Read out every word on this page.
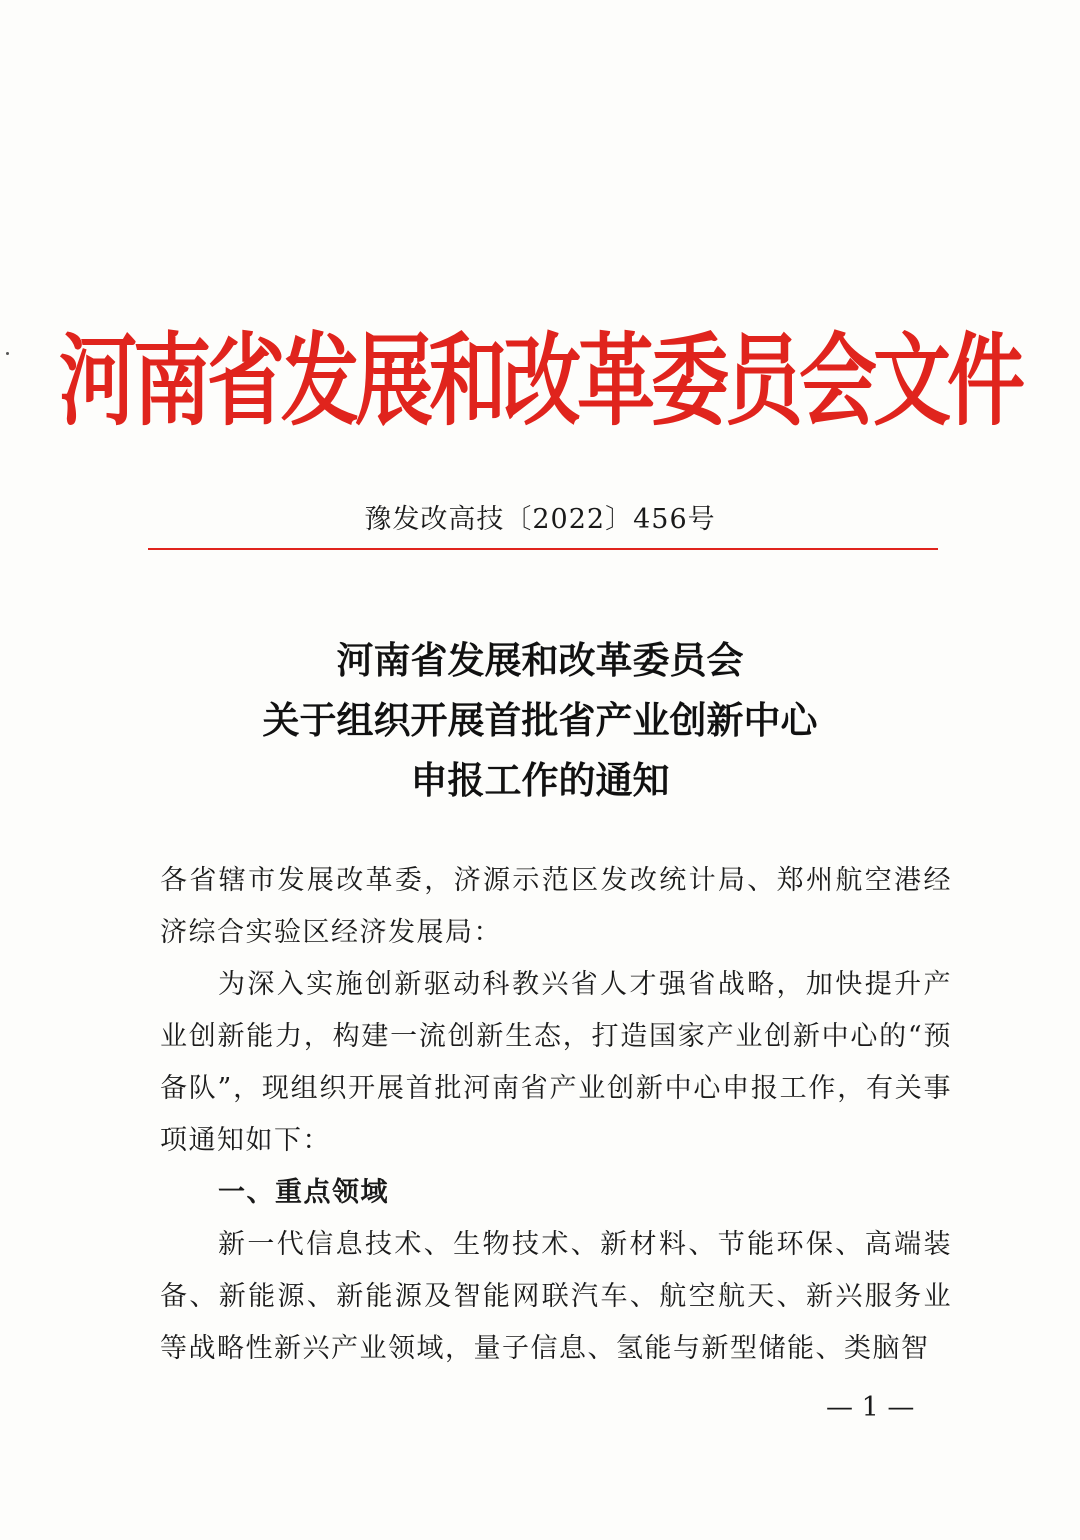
河南省发展和改革委员会文件
豫发改高技〔2022〕456号
河南省发展和改革委员会
关于组织开展首批省产业创新中心
申报工作的通知

各省辖市发展改革委，济源示范区发改统计局、郑州航空港经济综合实验区经济发展局：

为深入实施创新驱动科教兴省人才强省战略，加快提升产业创新能力，构建一流创新生态，打造国家产业创新中心的“预备队”，现组织开展首批河南省产业创新中心申报工作，有关事项通知如下：

一、重点领域

新一代信息技术、生物技术、新材料、节能环保、高端装备、新能源、新能源及智能网联汽车、航空航天、新兴服务业等战略性新兴产业领域，量子信息、氢能与新型储能、类脑智

— 1 —
